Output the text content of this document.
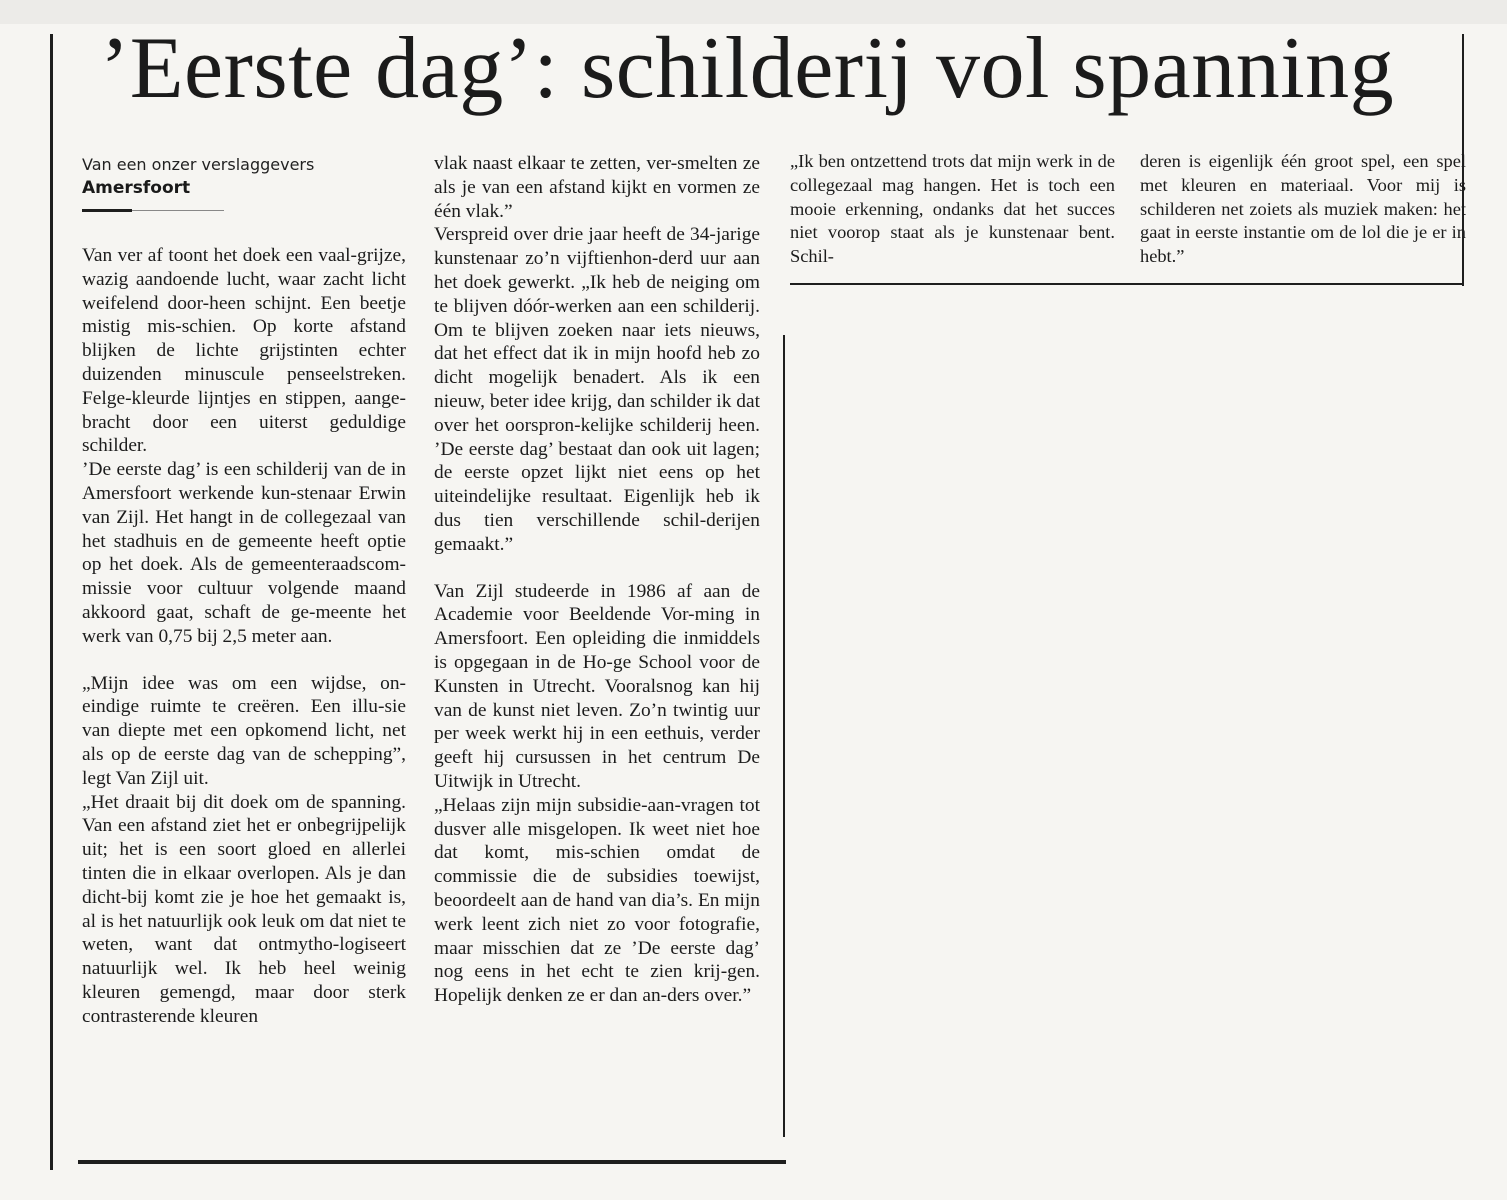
’Eerste dag’: schilderij vol spanning
Van een onzer verslaggevers
Amersfoort

Van ver af toont het doek een vaal-grijze, wazig aandoende lucht, waar zacht licht weifelend door-heen schijnt. Een beetje mistig mis-schien. Op korte afstand blijken de lichte grijstinten echter duizenden minuscule penseelstreken. Felge-kleurde lijntjes en stippen, aange-bracht door een uiterst geduldige schilder.

’De eerste dag’ is een schilderij van de in Amersfoort werkende kun-stenaar Erwin van Zijl. Het hangt in de collegezaal van het stadhuis en de gemeente heeft optie op het doek. Als de gemeenteraadscom-missie voor cultuur volgende maand akkoord gaat, schaft de ge-meente het werk van 0,75 bij 2,5 meter aan.

„Mijn idee was om een wijdse, on-eindige ruimte te creëren. Een illu-sie van diepte met een opkomend licht, net als op de eerste dag van de schepping”, legt Van Zijl uit.

„Het draait bij dit doek om de spanning. Van een afstand ziet het er onbegrijpelijk uit; het is een soort gloed en allerlei tinten die in elkaar overlopen. Als je dan dicht-bij komt zie je hoe het gemaakt is, al is het natuurlijk ook leuk om dat niet te weten, want dat ontmytho-logiseert natuurlijk wel. Ik heb heel weinig kleuren gemengd, maar door sterk contrasterende kleuren

vlak naast elkaar te zetten, ver-smelten ze als je van een afstand kijkt en vormen ze één vlak.”

Verspreid over drie jaar heeft de 34-jarige kunstenaar zo’n vijftienhon-derd uur aan het doek gewerkt. „Ik heb de neiging om te blijven dóór-werken aan een schilderij. Om te blijven zoeken naar iets nieuws, dat het effect dat ik in mijn hoofd heb zo dicht mogelijk benadert. Als ik een nieuw, beter idee krijg, dan schilder ik dat over het oorspron-kelijke schilderij heen. ’De eerste dag’ bestaat dan ook uit lagen; de eerste opzet lijkt niet eens op het uiteindelijke resultaat. Eigenlijk heb ik dus tien verschillende schil-derijen gemaakt.”

Van Zijl studeerde in 1986 af aan de Academie voor Beeldende Vor-ming in Amersfoort. Een opleiding die inmiddels is opgegaan in de Ho-ge School voor de Kunsten in Utrecht. Vooralsnog kan hij van de kunst niet leven. Zo’n twintig uur per week werkt hij in een eethuis, verder geeft hij cursussen in het centrum De Uitwijk in Utrecht.

„Helaas zijn mijn subsidie-aan-vragen tot dusver alle misgelopen. Ik weet niet hoe dat komt, mis-schien omdat de commissie die de subsidies toewijst, beoordeelt aan de hand van dia’s. En mijn werk leent zich niet zo voor fotografie, maar misschien dat ze ’De eerste dag’ nog eens in het echt te zien krij-gen. Hopelijk denken ze er dan an-ders over.”

„Ik ben ontzettend trots dat mijn werk in de collegezaal mag hangen. Het is toch een mooie erkenning, ondanks dat het succes niet voorop staat als je kunstenaar bent. Schil-

deren is eigenlijk één groot spel, een spel met kleuren en materiaal. Voor mij is schilderen net zoiets als muziek maken: het gaat in eerste instantie om de lol die je er in hebt.”
